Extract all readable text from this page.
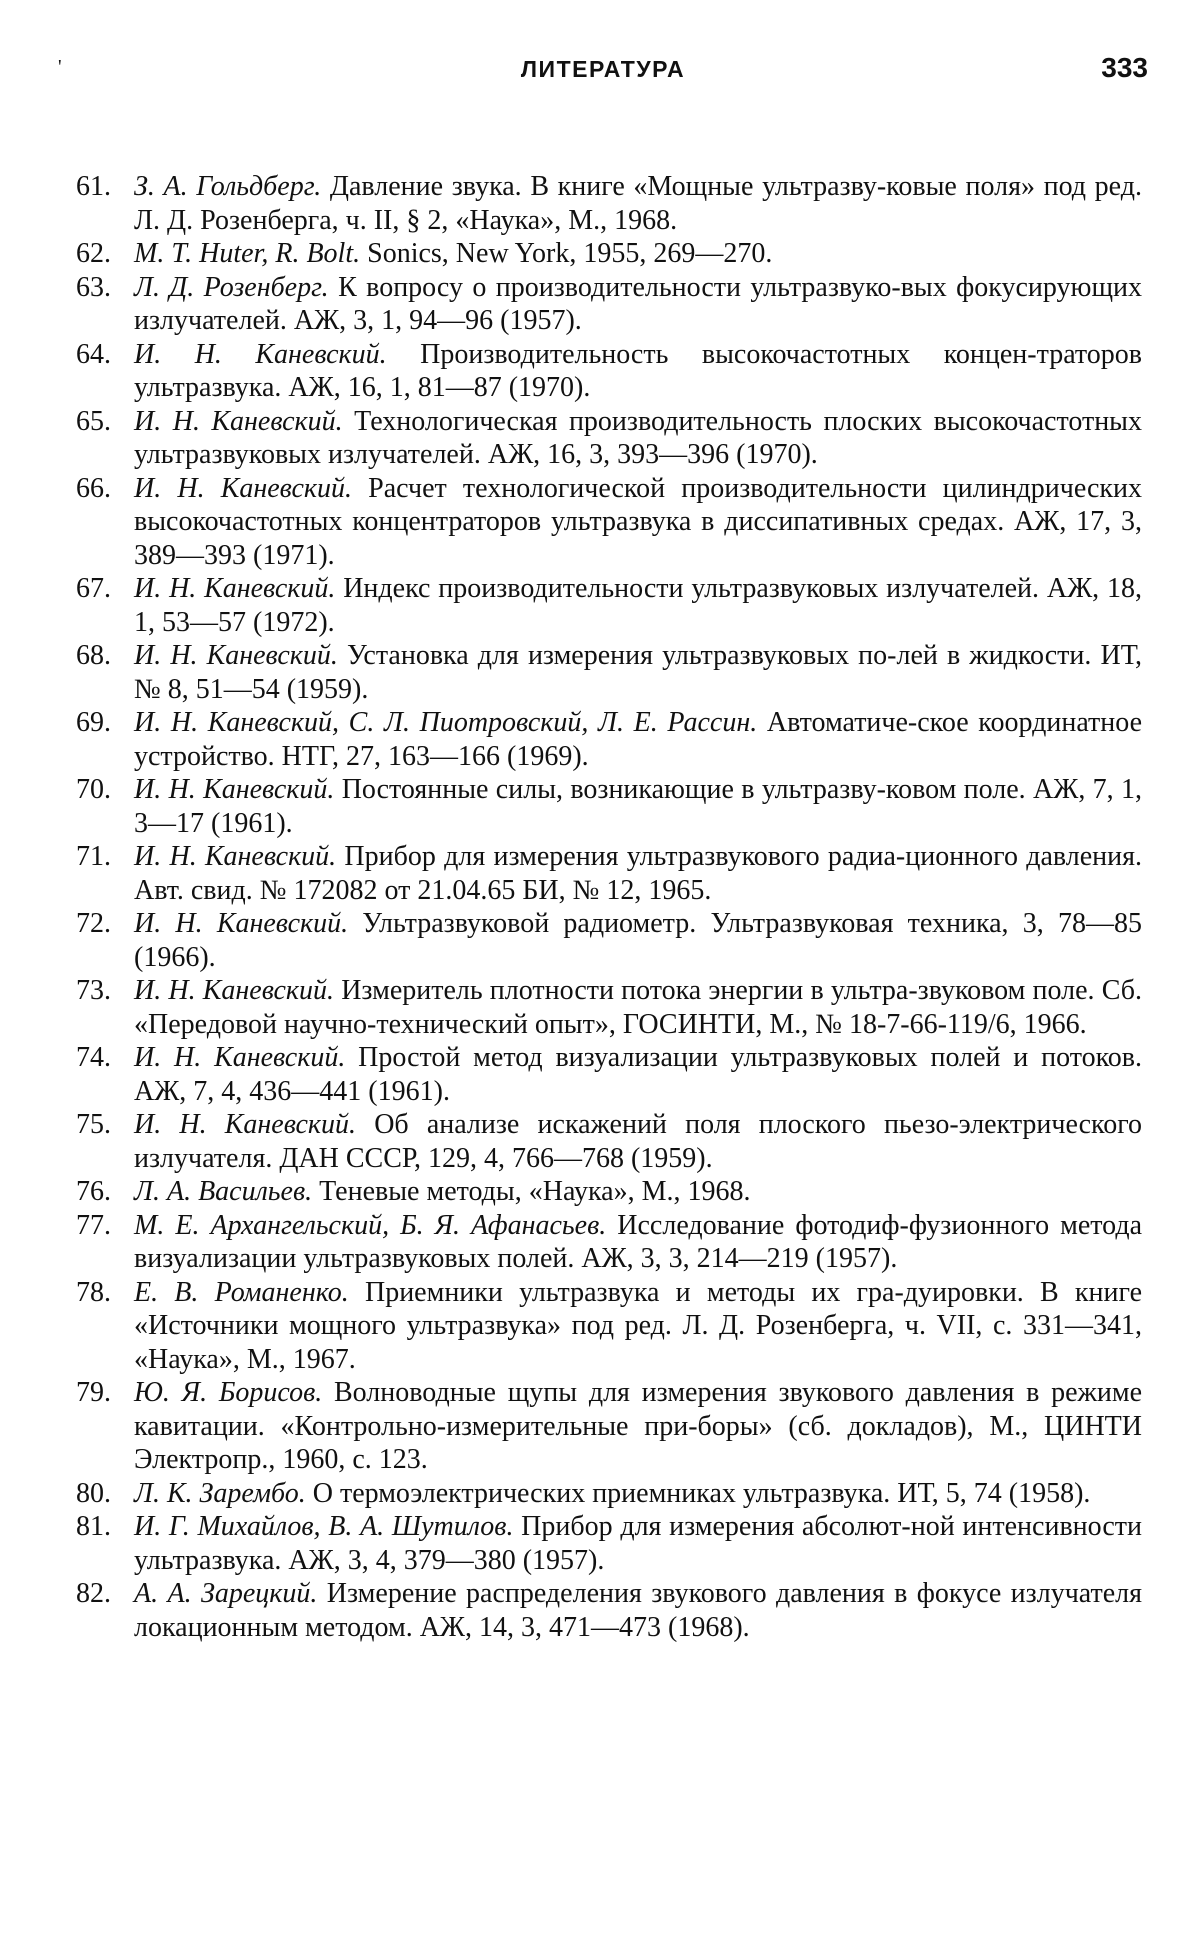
'	ЛИТЕРАТУРА	333
61. З. А. Гольдберг. Давление звука. В книге «Мощные ультразву-ковые поля» под ред. Л. Д. Розенберга, ч. II, § 2, «Наука», М., 1968.
62. М. Т. Huter, R. Bolt. Sonics, New York, 1955, 269—270.
63. Л. Д. Розенберг. К вопросу о производительности ультразвуко-вых фокусирующих излучателей. АЖ, 3, 1, 94—96 (1957).
64. И. Н. Каневский. Производительность высокочастотных концен-траторов ультразвука. АЖ, 16, 1, 81—87 (1970).
65. И. Н. Каневский. Технологическая производительность плоских высокочастотных ультразвуковых излучателей. АЖ, 16, 3, 393—396 (1970).
66. И. Н. Каневский. Расчет технологической производительности цилиндрических высокочастотных концентраторов ультразвука в диссипативных средах. АЖ, 17, 3, 389—393 (1971).
67. И. Н. Каневский. Индекс производительности ультразвуковых излучателей. АЖ, 18, 1, 53—57 (1972).
68. И. Н. Каневский. Установка для измерения ультразвуковых по-лей в жидкости. ИТ, № 8, 51—54 (1959).
69. И. Н. Каневский, С. Л. Пиотровский, Л. Е. Рассин. Автоматиче-ское координатное устройство. НТГ, 27, 163—166 (1969).
70. И. Н. Каневский. Постоянные силы, возникающие в ультразву-ковом поле. АЖ, 7, 1, 3—17 (1961).
71. И. Н. Каневский. Прибор для измерения ультразвукового радиа-ционного давления. Авт. свид. № 172082 от 21.04.65 БИ, № 12, 1965.
72. И. Н. Каневский. Ультразвуковой радиометр. Ультразвуковая техника, 3, 78—85 (1966).
73. И. Н. Каневский. Измеритель плотности потока энергии в ультра-звуковом поле. Сб. «Передовой научно-технический опыт», ГОСИНТИ, М., № 18-7-66-119/6, 1966.
74. И. Н. Каневский. Простой метод визуализации ультразвуковых полей и потоков. АЖ, 7, 4, 436—441 (1961).
75. И. Н. Каневский. Об анализе искажений поля плоского пьезо-электрического излучателя. ДАН СССР, 129, 4, 766—768 (1959).
76. Л. А. Васильев. Теневые методы, «Наука», М., 1968.
77. М. Е. Архангельский, Б. Я. Афанасьев. Исследование фотодиф-фузионного метода визуализации ультразвуковых полей. АЖ, 3, 3, 214—219 (1957).
78. Е. В. Романенко. Приемники ультразвука и методы их гра-дуировки. В книге «Источники мощного ультразвука» под ред. Л. Д. Розенберга, ч. VII, с. 331—341, «Наука», М., 1967.
79. Ю. Я. Борисов. Волноводные щупы для измерения звукового давления в режиме кавитации. «Контрольно-измерительные при-боры» (сб. докладов), М., ЦИНТИ Электропр., 1960, с. 123.
80. Л. К. Зарембо. О термоэлектрических приемниках ультразвука. ИТ, 5, 74 (1958).
81. И. Г. Михайлов, В. А. Шутилов. Прибор для измерения абсолют-ной интенсивности ультразвука. АЖ, 3, 4, 379—380 (1957).
82. А. А. Зарецкий. Измерение распределения звукового давления в фокусе излучателя локационным методом. АЖ, 14, 3, 471—473 (1968).
